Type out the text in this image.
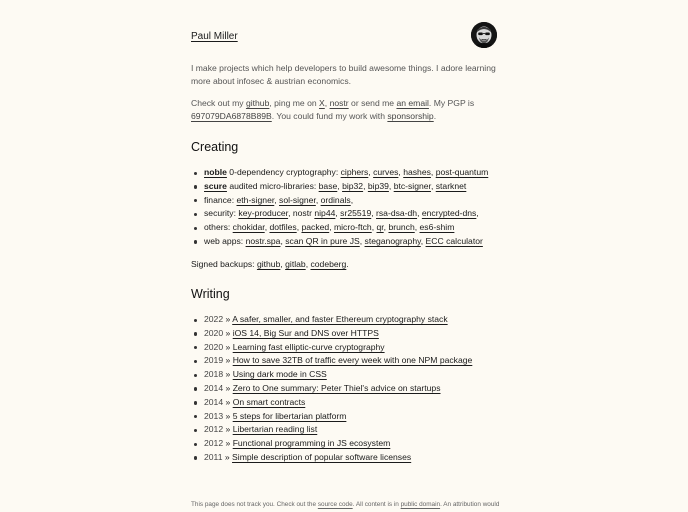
Paul Miller

I make projects which help developers to build awesome things. I adore learning more about infosec & austrian economics.

Check out my github, ping me on X, nostr or send me an email. My PGP is 697079DA6878B89B. You could fund my work with sponsorship.

Creating
noble 0-dependency cryptography: ciphers, curves, hashes, post-quantum
scure audited micro-libraries: base, bip32, bip39, btc-signer, starknet
finance: eth-signer, sol-signer, ordinals,
security: key-producer, nostr nip44, sr25519, rsa-dsa-dh, encrypted-dns,
others: chokidar, dotfiles, packed, micro-ftch, qr, brunch, es6-shim
web apps: nostr.spa, scan QR in pure JS, steganography, ECC calculator

Signed backups: github, gitlab, codeberg.

Writing
2022 » A safer, smaller, and faster Ethereum cryptography stack
2020 » iOS 14, Big Sur and DNS over HTTPS
2020 » Learning fast elliptic-curve cryptography
2019 » How to save 32TB of traffic every week with one NPM package
2018 » Using dark mode in CSS
2014 » Zero to One summary: Peter Thiel's advice on startups
2014 » On smart contracts
2013 » 5 steps for libertarian platform
2012 » Libertarian reading list
2012 » Functional programming in JS ecosystem
2011 » Simple description of popular software licenses
This page does not track you. Check out the source code. All content is in public domain. An attribution would
